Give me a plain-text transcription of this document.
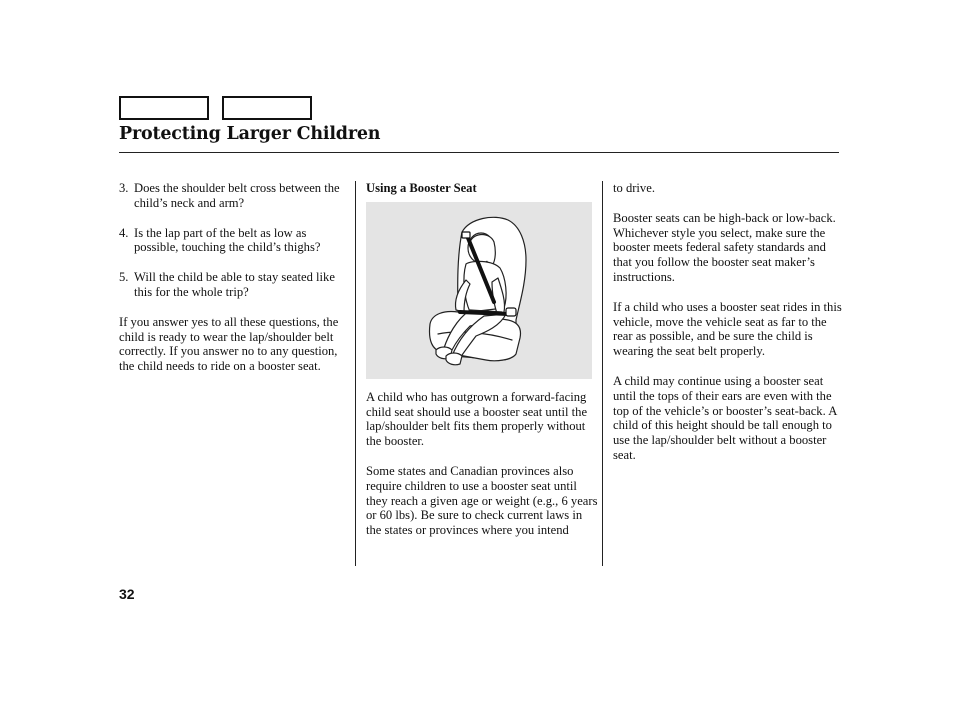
Protecting Larger Children
3. Does the shoulder belt cross between the child’s neck and arm?
4. Is the lap part of the belt as low as possible, touching the child’s thighs?
5. Will the child be able to stay seated like this for the whole trip?

If you answer yes to all these questions, the child is ready to wear the lap/shoulder belt correctly. If you answer no to any question, the child needs to ride on a booster seat.

Using a Booster Seat

A child who has outgrown a forward-facing child seat should use a booster seat until the lap/shoulder belt fits them properly without the booster.

Some states and Canadian provinces also require children to use a booster seat until they reach a given age or weight (e.g., 6 years or 60 lbs). Be sure to check current laws in the states or provinces where you intend

to drive.

Booster seats can be high-back or low-back. Whichever style you select, make sure the booster meets federal safety standards and that you follow the booster seat maker’s instructions.

If a child who uses a booster seat rides in this vehicle, move the vehicle seat as far to the rear as possible, and be sure the child is wearing the seat belt properly.

A child may continue using a booster seat until the tops of their ears are even with the top of the vehicle’s or booster’s seat-back. A child of this height should be tall enough to use the lap/shoulder belt without a booster seat.

32
